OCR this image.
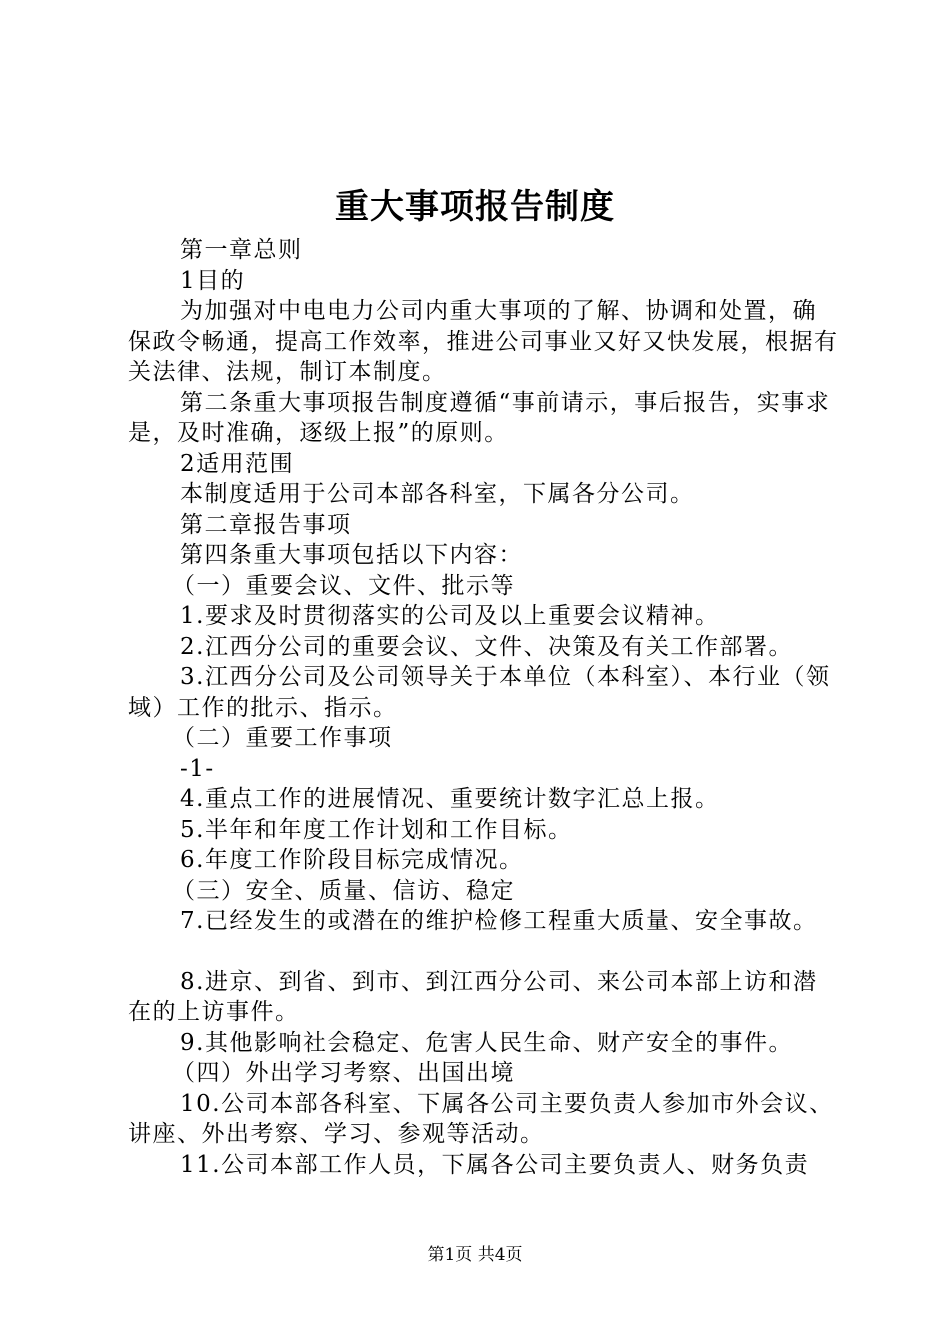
重大事项报告制度

第一章总则

1目的

为加强对中电电力公司内重大事项的了解、协调和处置，确保政令畅通，提高工作效率，推进公司事业又好又快发展，根据有关法律、法规，制订本制度。

第二条重大事项报告制度遵循“事前请示，事后报告，实事求是，及时准确，逐级上报”的原则。

2适用范围

本制度适用于公司本部各科室，下属各分公司。

第二章报告事项

第四条重大事项包括以下内容：

（一）重要会议、文件、批示等

1.要求及时贯彻落实的公司及以上重要会议精神。

2.江西分公司的重要会议、文件、决策及有关工作部署。

3.江西分公司及公司领导关于本单位（本科室）、本行业（领域）工作的批示、指示。

（二）重要工作事项

-1-

4.重点工作的进展情况、重要统计数字汇总上报。

5.半年和年度工作计划和工作目标。

6.年度工作阶段目标完成情况。

（三）安全、质量、信访、稳定

7.已经发生的或潜在的维护检修工程重大质量、安全事故。

8.进京、到省、到市、到江西分公司、来公司本部上访和潜在的上访事件。

9.其他影响社会稳定、危害人民生命、财产安全的事件。

（四）外出学习考察、出国出境

10.公司本部各科室、下属各公司主要负责人参加市外会议、讲座、外出考察、学习、参观等活动。

11.公司本部工作人员，下属各公司主要负责人、财务负责

第1页 共4页
